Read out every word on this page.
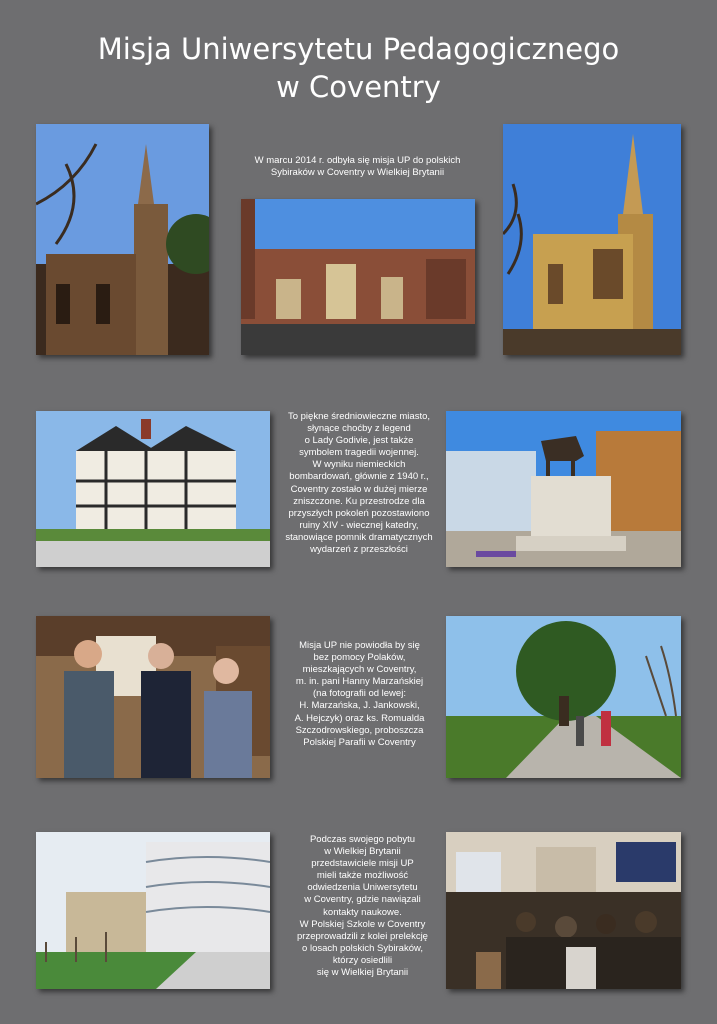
Misja Uniwersytetu Pedagogicznego
w Coventry
W marcu 2014 r. odbyła się misja UP do polskich
Sybiraków w Coventry w Wielkiej Brytanii
To piękne średniowieczne miasto,
słynące choćby z legend
o Lady Godivie, jest także
symbolem tragedii wojennej.
W wyniku niemieckich
bombardowań, głównie z 1940 r.,
Coventry zostało w dużej mierze
zniszczone. Ku przestrodze dla
przyszłych pokoleń pozostawiono
ruiny XIV - wiecznej katedry,
stanowiące pomnik dramatycznych
wydarzeń z przeszłości
Misja UP nie powiodła by się
bez pomocy Polaków,
mieszkających w Coventry,
m. in. pani Hanny Marzańskiej
(na fotografii od lewej:
H. Marzańska, J. Jankowski,
A. Hejczyk) oraz ks. Romualda
Szczodrowskiego, proboszcza
Polskiej Parafii w Coventry
Podczas swojego pobytu
w Wielkiej Brytanii
przedstawiciele misji UP
mieli także możliwość
odwiedzenia Uniwersytetu
w Coventry, gdzie nawiązali
kontakty naukowe.
W Polskiej Szkole w Coventry
przeprowadzili z kolei prelekcję
o losach polskich Sybiraków,
którzy osiedlili
się w Wielkiej Brytanii
